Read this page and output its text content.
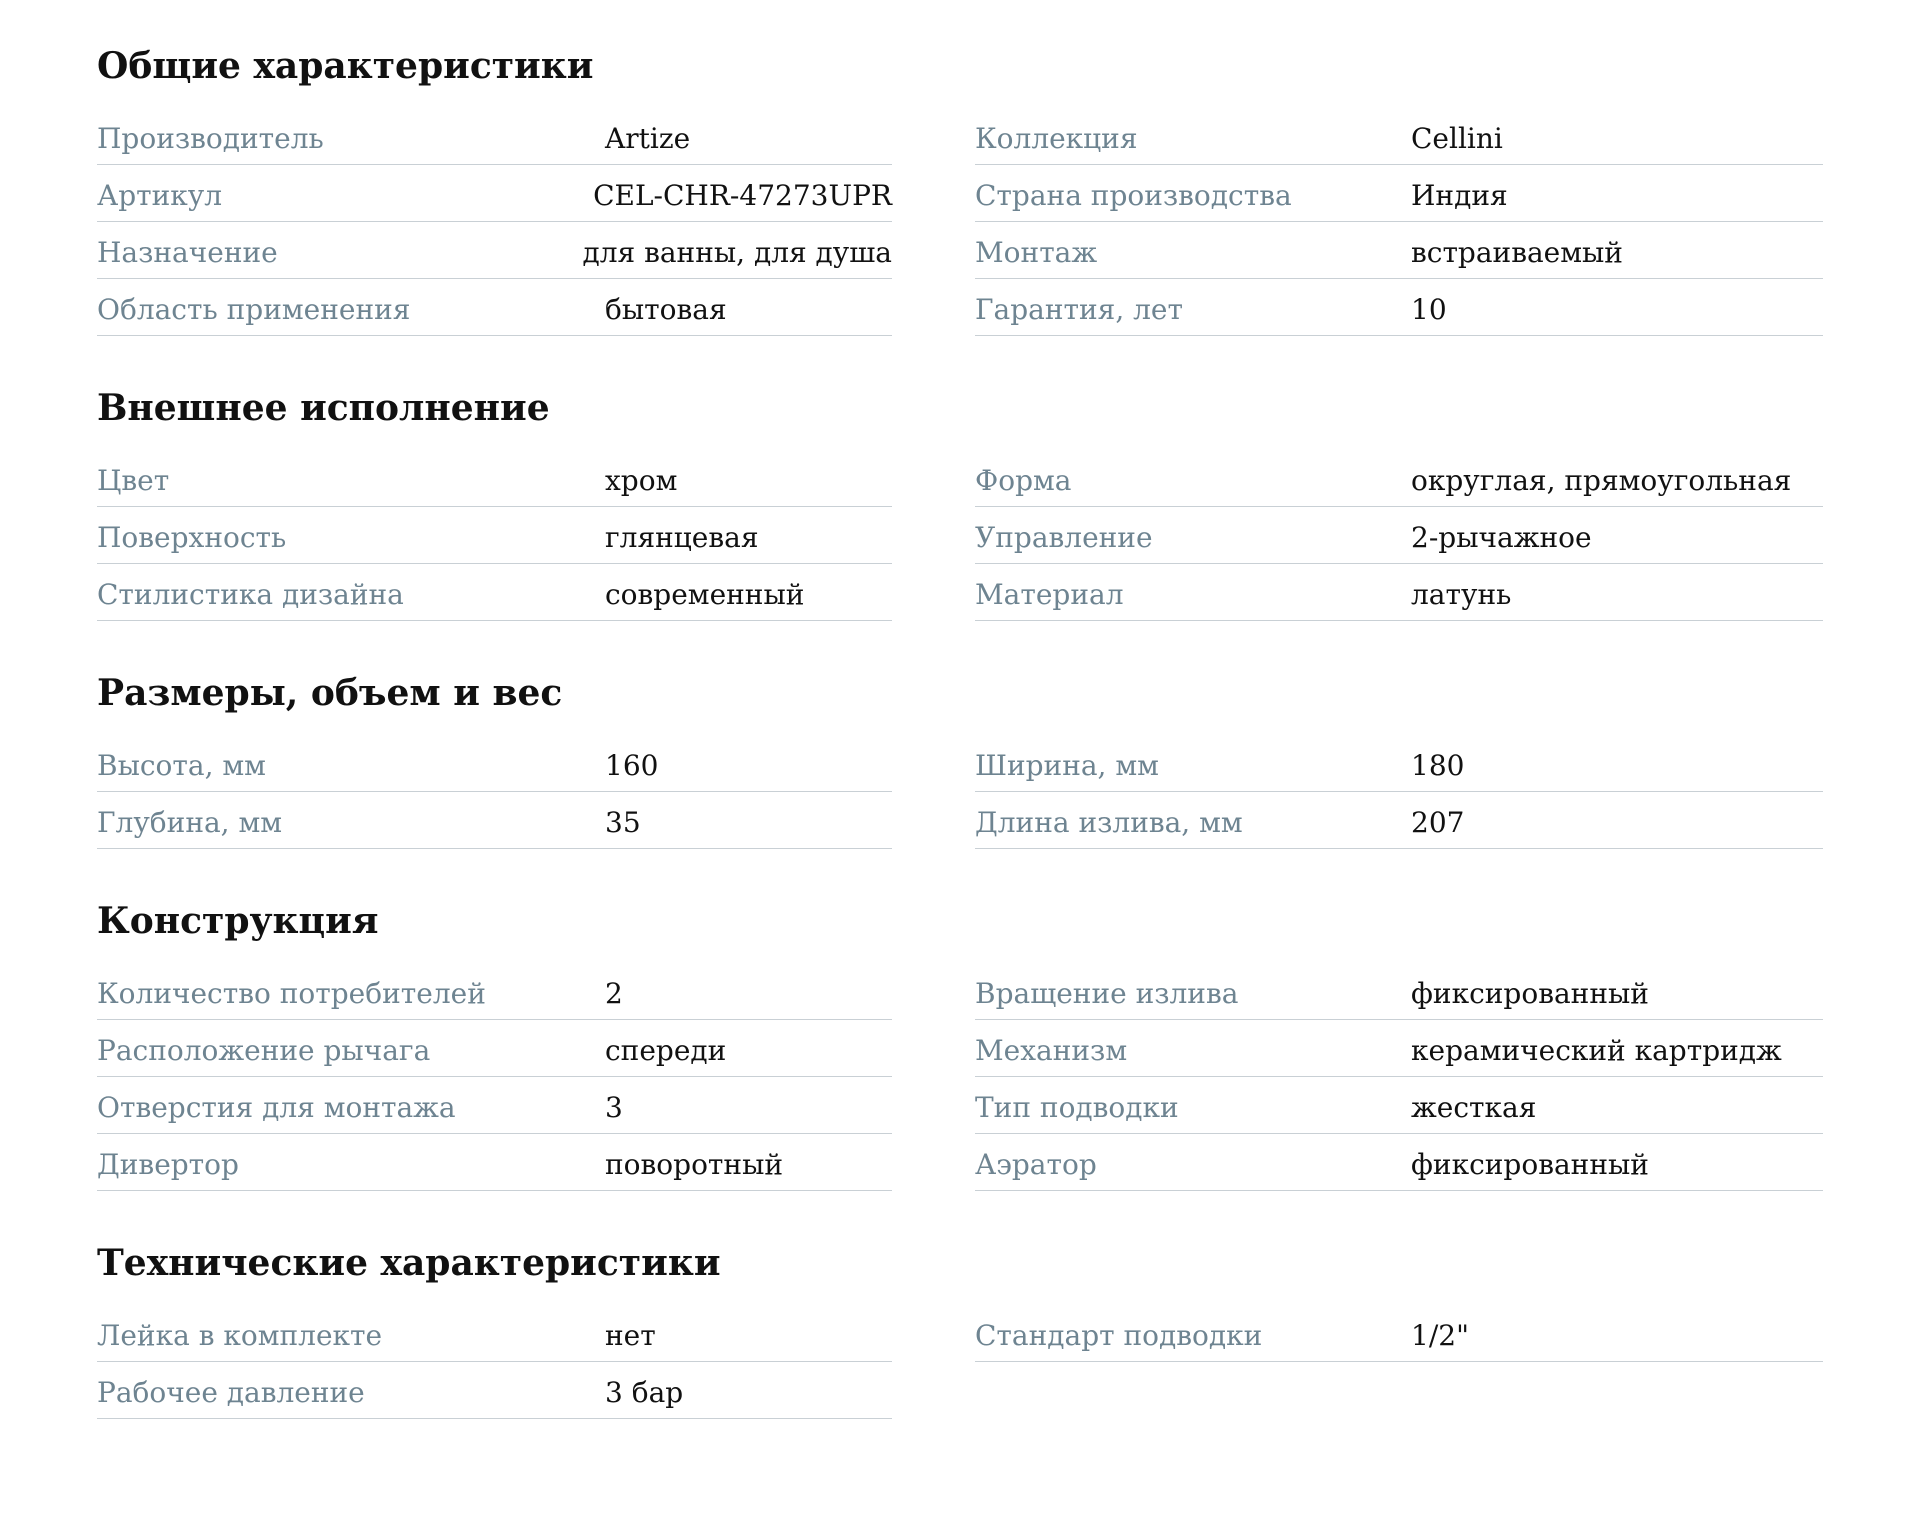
Общие характеристики
Производитель	Artize
Артикул	CEL-CHR-47273UPR
Назначение	для ванны, для душа
Область применения	бытовая
Коллекция	Cellini
Страна производства	Индия
Монтаж	встраиваемый
Гарантия, лет	10
Внешнее исполнение
Цвет	хром
Поверхность	глянцевая
Стилистика дизайна	современный
Форма	округлая, прямоугольная
Управление	2-рычажное
Материал	латунь
Размеры, объем и вес
Высота, мм	160
Глубина, мм	35
Ширина, мм	180
Длина излива, мм	207
Конструкция
Количество потребителей	2
Расположение рычага	спереди
Отверстия для монтажа	3
Дивертор	поворотный
Вращение излива	фиксированный
Механизм	керамический картридж
Тип подводки	жесткая
Аэратор	фиксированный
Технические характеристики
Лейка в комплекте	нет
Рабочее давление	3 бар
Стандарт подводки	1/2"
